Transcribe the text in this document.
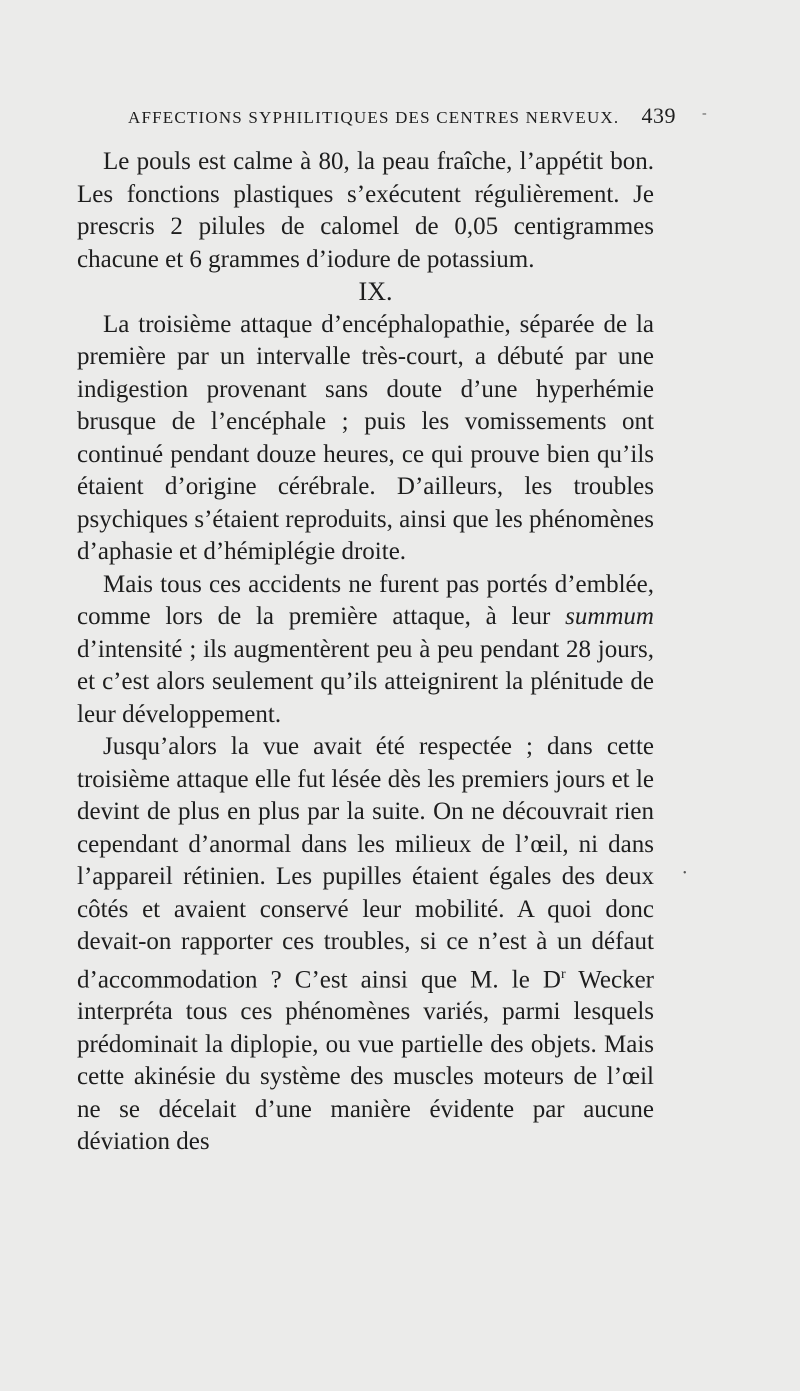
AFFECTIONS SYPHILITIQUES DES CENTRES NERVEUX. 439

Le pouls est calme à 80, la peau fraîche, l’appétit bon. Les fonctions plastiques s’exécutent régulièrement. Je prescris 2 pilules de calomel de 0,05 centigrammes chacune et 6 grammes d’iodure de potassium.

IX.

La troisième attaque d’encéphalopathie, séparée de la première par un intervalle très-court, a débuté par une indigestion provenant sans doute d’une hyperhémie brusque de l’encéphale ; puis les vomissements ont continué pendant douze heures, ce qui prouve bien qu’ils étaient d’origine cérébrale. D’ailleurs, les troubles psychiques s’étaient reproduits, ainsi que les phénomènes d’aphasie et d’hémiplégie droite.

Mais tous ces accidents ne furent pas portés d’emblée, comme lors de la première attaque, à leur summum d’intensité ; ils augmentèrent peu à peu pendant 28 jours, et c’est alors seulement qu’ils atteignirent la plénitude de leur développement.

Jusqu’alors la vue avait été respectée ; dans cette troisième attaque elle fut lésée dès les premiers jours et le devint de plus en plus par la suite. On ne découvrait rien cependant d’anormal dans les milieux de l’œil, ni dans l’appareil rétinien. Les pupilles étaient égales des deux côtés et avaient conservé leur mobilité. A quoi donc devait-on rapporter ces troubles, si ce n’est à un défaut d’accommodation ? C’est ainsi que M. le $D^r$ Wecker interpréta tous ces phénomènes variés, parmi lesquels prédominait la diplopie, ou vue partielle des objets. Mais cette akinésie du système des muscles moteurs de l’œil ne se décelait d’une manière évidente par aucune déviation des

-
•
